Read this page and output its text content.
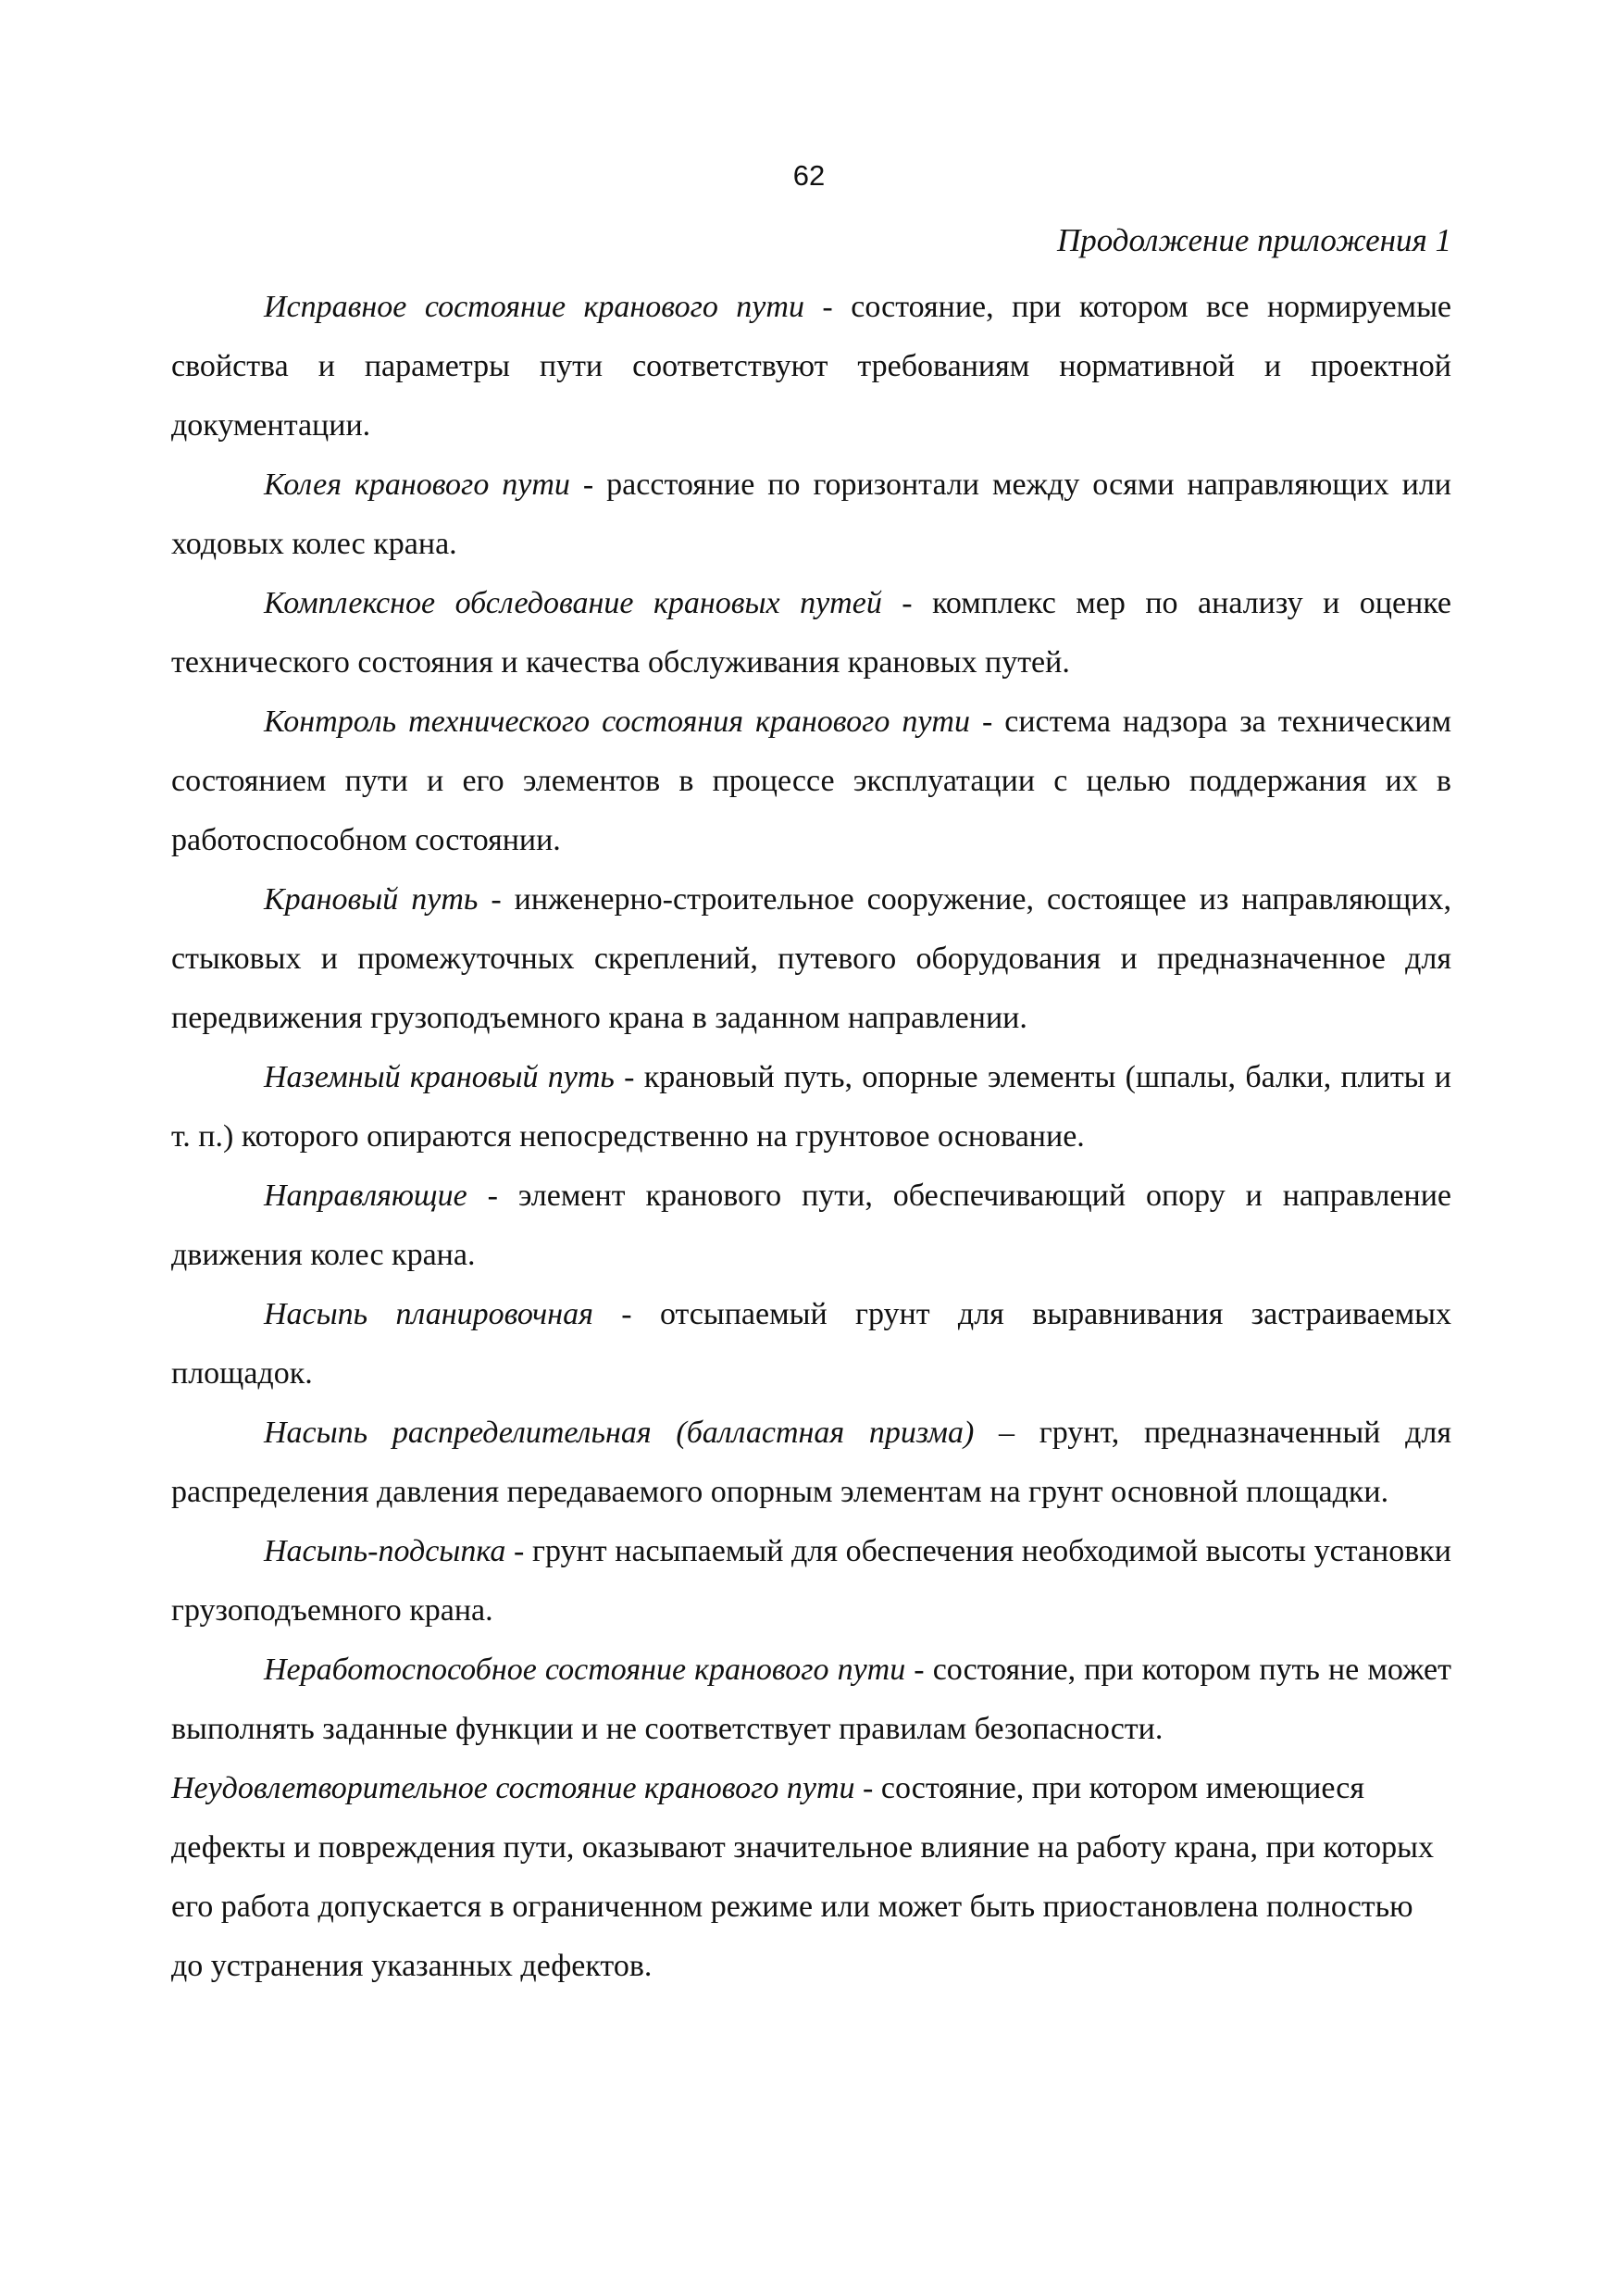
62
Продолжение приложения 1

Исправное состояние кранового пути - состояние, при котором все нормируемые свойства и параметры пути соответствуют требованиям нормативной и проектной документации.

Колея кранового пути - расстояние по горизонтали между осями направляющих или ходовых колес крана.

Комплексное обследование крановых путей - комплекс мер по анализу и оценке технического состояния и качества обслуживания крановых путей.

Контроль технического состояния кранового пути - система надзора за техническим состоянием пути и его элементов в процессе эксплуатации с целью поддержания их в работоспособном состоянии.

Крановый путь - инженерно-строительное сооружение, состоящее из направляющих, стыковых и промежуточных скреплений, путевого оборудования и предназначенное для передвижения грузоподъемного крана в заданном направлении.

Наземный крановый путь - крановый путь, опорные элементы (шпалы, балки, плиты и т. п.) которого опираются непосредственно на грунтовое основание.

Направляющие - элемент кранового пути, обеспечивающий опору и направление движения колес крана.

Насыпь планировочная - отсыпаемый грунт для выравнивания застраиваемых площадок.

Насыпь распределительная (балластная призма) – грунт, предназначенный для распределения давления передаваемого опорным элементам на грунт основной площадки.

Насыпь-подсыпка - грунт насыпаемый для обеспечения необходимой высоты установки грузоподъемного крана.

Неработоспособное состояние кранового пути - состояние, при котором путь не может выполнять заданные функции и не соответствует правилам безопасности.

Неудовлетворительное состояние кранового пути - состояние, при котором имеющиеся дефекты и повреждения пути, оказывают значительное влияние на работу крана, при которых его работа допускается в ограниченном режиме или может быть приостановлена полностью до устранения указанных дефектов.
